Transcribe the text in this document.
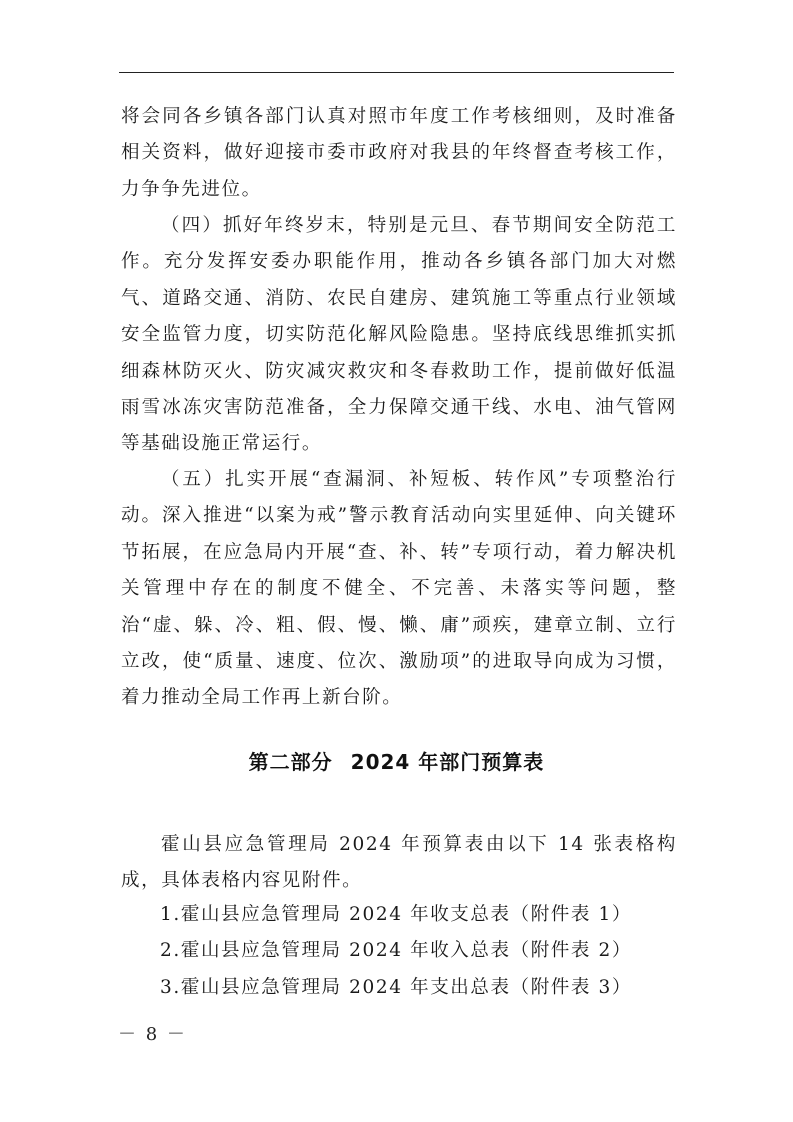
将会同各乡镇各部门认真对照市年度工作考核细则，及时准备相关资料，做好迎接市委市政府对我县的年终督查考核工作，力争争先进位。

（四）抓好年终岁末，特别是元旦、春节期间安全防范工作。充分发挥安委办职能作用，推动各乡镇各部门加大对燃气、道路交通、消防、农民自建房、建筑施工等重点行业领域安全监管力度，切实防范化解风险隐患。坚持底线思维抓实抓细森林防灭火、防灾减灾救灾和冬春救助工作，提前做好低温雨雪冰冻灾害防范准备，全力保障交通干线、水电、油气管网等基础设施正常运行。

（五）扎实开展“查漏洞、补短板、转作风”专项整治行动。深入推进“以案为戒”警示教育活动向实里延伸、向关键环节拓展，在应急局内开展“查、补、转”专项行动，着力解决机关管理中存在的制度不健全、不完善、未落实等问题，整治“虚、躲、冷、粗、假、慢、懒、庸”顽疾，建章立制、立行立改，使“质量、速度、位次、激励项”的进取导向成为习惯，着力推动全局工作再上新台阶。

第二部分 2024 年部门预算表

霍山县应急管理局 2024 年预算表由以下 14 张表格构成，具体表格内容见附件。

1.霍山县应急管理局 2024 年收支总表（附件表 1）
2.霍山县应急管理局 2024 年收入总表（附件表 2）
3.霍山县应急管理局 2024 年支出总表（附件表 3）
－ 8 －
